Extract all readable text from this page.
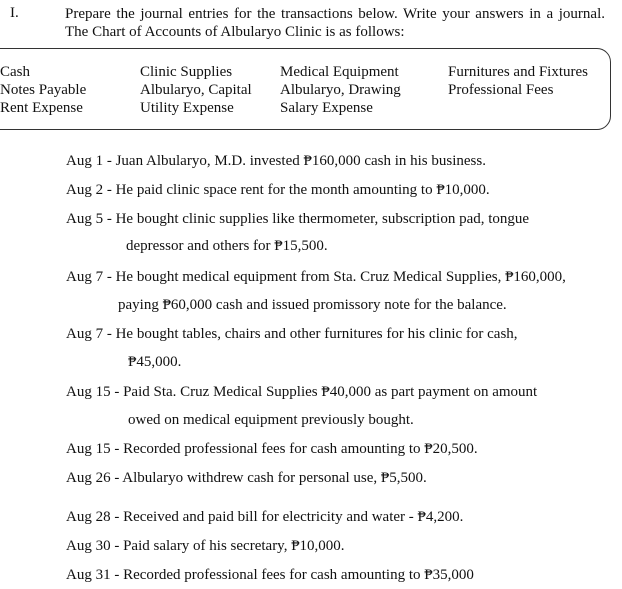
I.	Prepare the journal entries for the transactions below. Write your answers in a journal. The Chart of Accounts of Albularyo Clinic is as follows:
Cash
Notes Payable
Rent Expense
Clinic Supplies
Albularyo, Capital
Utility Expense
Medical Equipment
Albularyo, Drawing
Salary Expense
Furnitures and Fixtures
Professional Fees
Aug 1 - Juan Albularyo, M.D. invested ₱160,000 cash in his business.
Aug 2 - He paid clinic space rent for the month amounting to ₱10,000.
Aug 5 - He bought clinic supplies like thermometer, subscription pad, tongue
depressor and others for ₱15,500.
Aug 7 - He bought medical equipment from Sta. Cruz Medical Supplies, ₱160,000,
paying ₱60,000 cash and issued promissory note for the balance.
Aug 7 - He bought tables, chairs and other furnitures for his clinic for cash,
₱45,000.
Aug 15 - Paid Sta. Cruz Medical Supplies ₱40,000 as part payment on amount
owed on medical equipment previously bought.
Aug 15 - Recorded professional fees for cash amounting to ₱20,500.
Aug 26 - Albularyo withdrew cash for personal use, ₱5,500.
Aug 28 - Received and paid bill for electricity and water - ₱4,200.
Aug 30 - Paid salary of his secretary, ₱10,000.
Aug 31 - Recorded professional fees for cash amounting to ₱35,000
